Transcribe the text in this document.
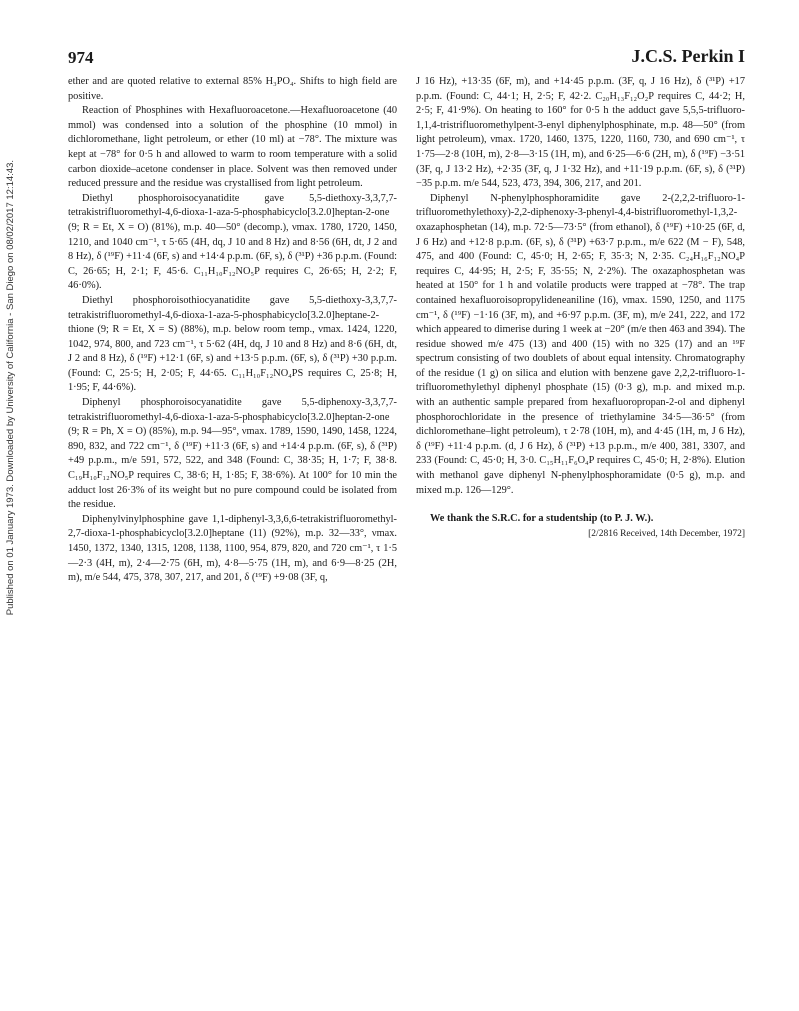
Published on 01 January 1973. Downloaded by University of California - San Diego on 08/02/2017 12:14:43.
974	J.C.S. Perkin I

ether and are quoted relative to external 85% H₃PO₄. Shifts to high field are positive.

Reaction of Phosphines with Hexafluoroacetone.—Hexafluoroacetone (40 mmol) was condensed into a solution of the phosphine (10 mmol) in dichloromethane, light petroleum, or ether (10 ml) at −78°. The mixture was kept at −78° for 0·5 h and allowed to warm to room temperature with a solid carbon dioxide–acetone condenser in place. Solvent was then removed under reduced pressure and the residue was crystallised from light petroleum.

Diethyl phosphoroisocyanatidite gave 5,5-diethoxy-3,3,7,7-tetrakistrifluoromethyl-4,6-dioxa-1-aza-5-phosphabicyclo[3.2.0]heptan-2-one (9; R = Et, X = O) (81%), m.p. 40—50° (decomp.), νmax. 1780, 1720, 1450, 1210, and 1040 cm⁻¹, τ 5·65 (4H, dq, J 10 and 8 Hz) and 8·56 (6H, dt, J 2 and 8 Hz), δ (¹⁹F) +11·4 (6F, s) and +14·4 p.p.m. (6F, s), δ (³¹P) +36 p.p.m. (Found: C, 26·65; H, 2·1; F, 45·6. C₁₁H₁₀F₁₂NO₅P requires C, 26·65; H, 2·2; F, 46·0%).

Diethyl phosphoroisothiocyanatidite gave 5,5-diethoxy-3,3,7,7-tetrakistrifluoromethyl-4,6-dioxa-1-aza-5-phosphabicyclo[3.2.0]heptane-2-thione (9; R = Et, X = S) (88%), m.p. below room temp., νmax. 1424, 1220, 1042, 974, 800, and 723 cm⁻¹, τ 5·62 (4H, dq, J 10 and 8 Hz) and 8·6 (6H, dt, J 2 and 8 Hz), δ (¹⁹F) +12·1 (6F, s) and +13·5 p.p.m. (6F, s), δ (³¹P) +30 p.p.m. (Found: C, 25·5; H, 2·05; F, 44·65. C₁₁H₁₀F₁₂NO₄PS requires C, 25·8; H, 1·95; F, 44·6%).

Diphenyl phosphoroisocyanatidite gave 5,5-diphenoxy-3,3,7,7-tetrakistrifluoromethyl-4,6-dioxa-1-aza-5-phosphabicyclo[3.2.0]heptan-2-one (9; R = Ph, X = O) (85%), m.p. 94—95°, νmax. 1789, 1590, 1490, 1458, 1224, 890, 832, and 722 cm⁻¹, δ (¹⁹F) +11·3 (6F, s) and +14·4 p.p.m. (6F, s), δ (³¹P) +49 p.p.m., m/e 591, 572, 522, and 348 (Found: C, 38·35; H, 1·7; F, 38·8. C₁₉H₁₀F₁₂NO₅P requires C, 38·6; H, 1·85; F, 38·6%). At 100° for 10 min the adduct lost 26·3% of its weight but no pure compound could be isolated from the residue.

Diphenylvinylphosphine gave 1,1-diphenyl-3,3,6,6-tetrakistrifluoromethyl-2,7-dioxa-1-phosphabicyclo[3.2.0]heptane (11) (92%), m.p. 32—33°, νmax. 1450, 1372, 1340, 1315, 1208, 1138, 1100, 954, 879, 820, and 720 cm⁻¹, τ 1·5—2·3 (4H, m), 2·4—2·75 (6H, m), 4·8—5·75 (1H, m), and 6·9—8·25 (2H, m), m/e 544, 475, 378, 307, 217, and 201, δ (¹⁹F) +9·08 (3F, q,

J 16 Hz), +13·35 (6F, m), and +14·45 p.p.m. (3F, q, J 16 Hz), δ (³¹P) +17 p.p.m. (Found: C, 44·1; H, 2·5; F, 42·2. C₂₀H₁₃F₁₂O₂P requires C, 44·2; H, 2·5; F, 41·9%). On heating to 160° for 0·5 h the adduct gave 5,5,5-trifluoro-1,1,4-tristrifluoromethylpent-3-enyl diphenylphosphinate, m.p. 48—50° (from light petroleum), νmax. 1720, 1460, 1375, 1220, 1160, 730, and 690 cm⁻¹, τ 1·75—2·8 (10H, m), 2·8—3·15 (1H, m), and 6·25—6·6 (2H, m), δ (¹⁹F) −3·51 (3F, q, J 13·2 Hz), +2·35 (3F, q, J 1·32 Hz), and +11·19 p.p.m. (6F, s), δ (³¹P) −35 p.p.m. m/e 544, 523, 473, 394, 306, 217, and 201.

Diphenyl N-phenylphosphoramidite gave 2-(2,2,2-trifluoro-1-trifluoromethylethoxy)-2,2-diphenoxy-3-phenyl-4,4-bistrifluoromethyl-1,3,2-oxazaphosphetan (14), m.p. 72·5—73·5° (from ethanol), δ (¹⁹F) +10·25 (6F, d, J 6 Hz) and +12·8 p.p.m. (6F, s), δ (³¹P) +63·7 p.p.m., m/e 622 (M − F), 548, 475, and 400 (Found: C, 45·0; H, 2·65; F, 35·3; N, 2·35. C₂₄H₁₆F₁₂NO₄P requires C, 44·95; H, 2·5; F, 35·55; N, 2·2%). The oxazaphosphetan was heated at 150° for 1 h and volatile products were trapped at −78°. The trap contained hexafluoroisopropylideneaniline (16), νmax. 1590, 1250, and 1175 cm⁻¹, δ (¹⁹F) −1·16 (3F, m), and +6·97 p.p.m. (3F, m), m/e 241, 222, and 172 which appeared to dimerise during 1 week at −20° (m/e then 463 and 394). The residue showed m/e 475 (13) and 400 (15) with no 325 (17) and an ¹⁹F spectrum consisting of two doublets of about equal intensity. Chromatography of the residue (1 g) on silica and elution with benzene gave 2,2,2-trifluoro-1-trifluoromethylethyl diphenyl phosphate (15) (0·3 g), m.p. and mixed m.p. with an authentic sample prepared from hexafluoropropan-2-ol and diphenyl phosphorochloridate in the presence of triethylamine 34·5—36·5° (from dichloromethane–light petroleum), τ 2·78 (10H, m), and 4·45 (1H, m, J 6 Hz), δ (¹⁹F) +11·4 p.p.m. (d, J 6 Hz), δ (³¹P) +13 p.p.m., m/e 400, 381, 3307, and 233 (Found: C, 45·0; H, 3·0. C₁₅H₁₁F₆O₄P requires C, 45·0; H, 2·8%). Elution with methanol gave diphenyl N-phenylphosphoramidate (0·5 g), m.p. and mixed m.p. 126—129°.

We thank the S.R.C. for a studentship (to P. J. W.).

[2/2816 Received, 14th December, 1972]
